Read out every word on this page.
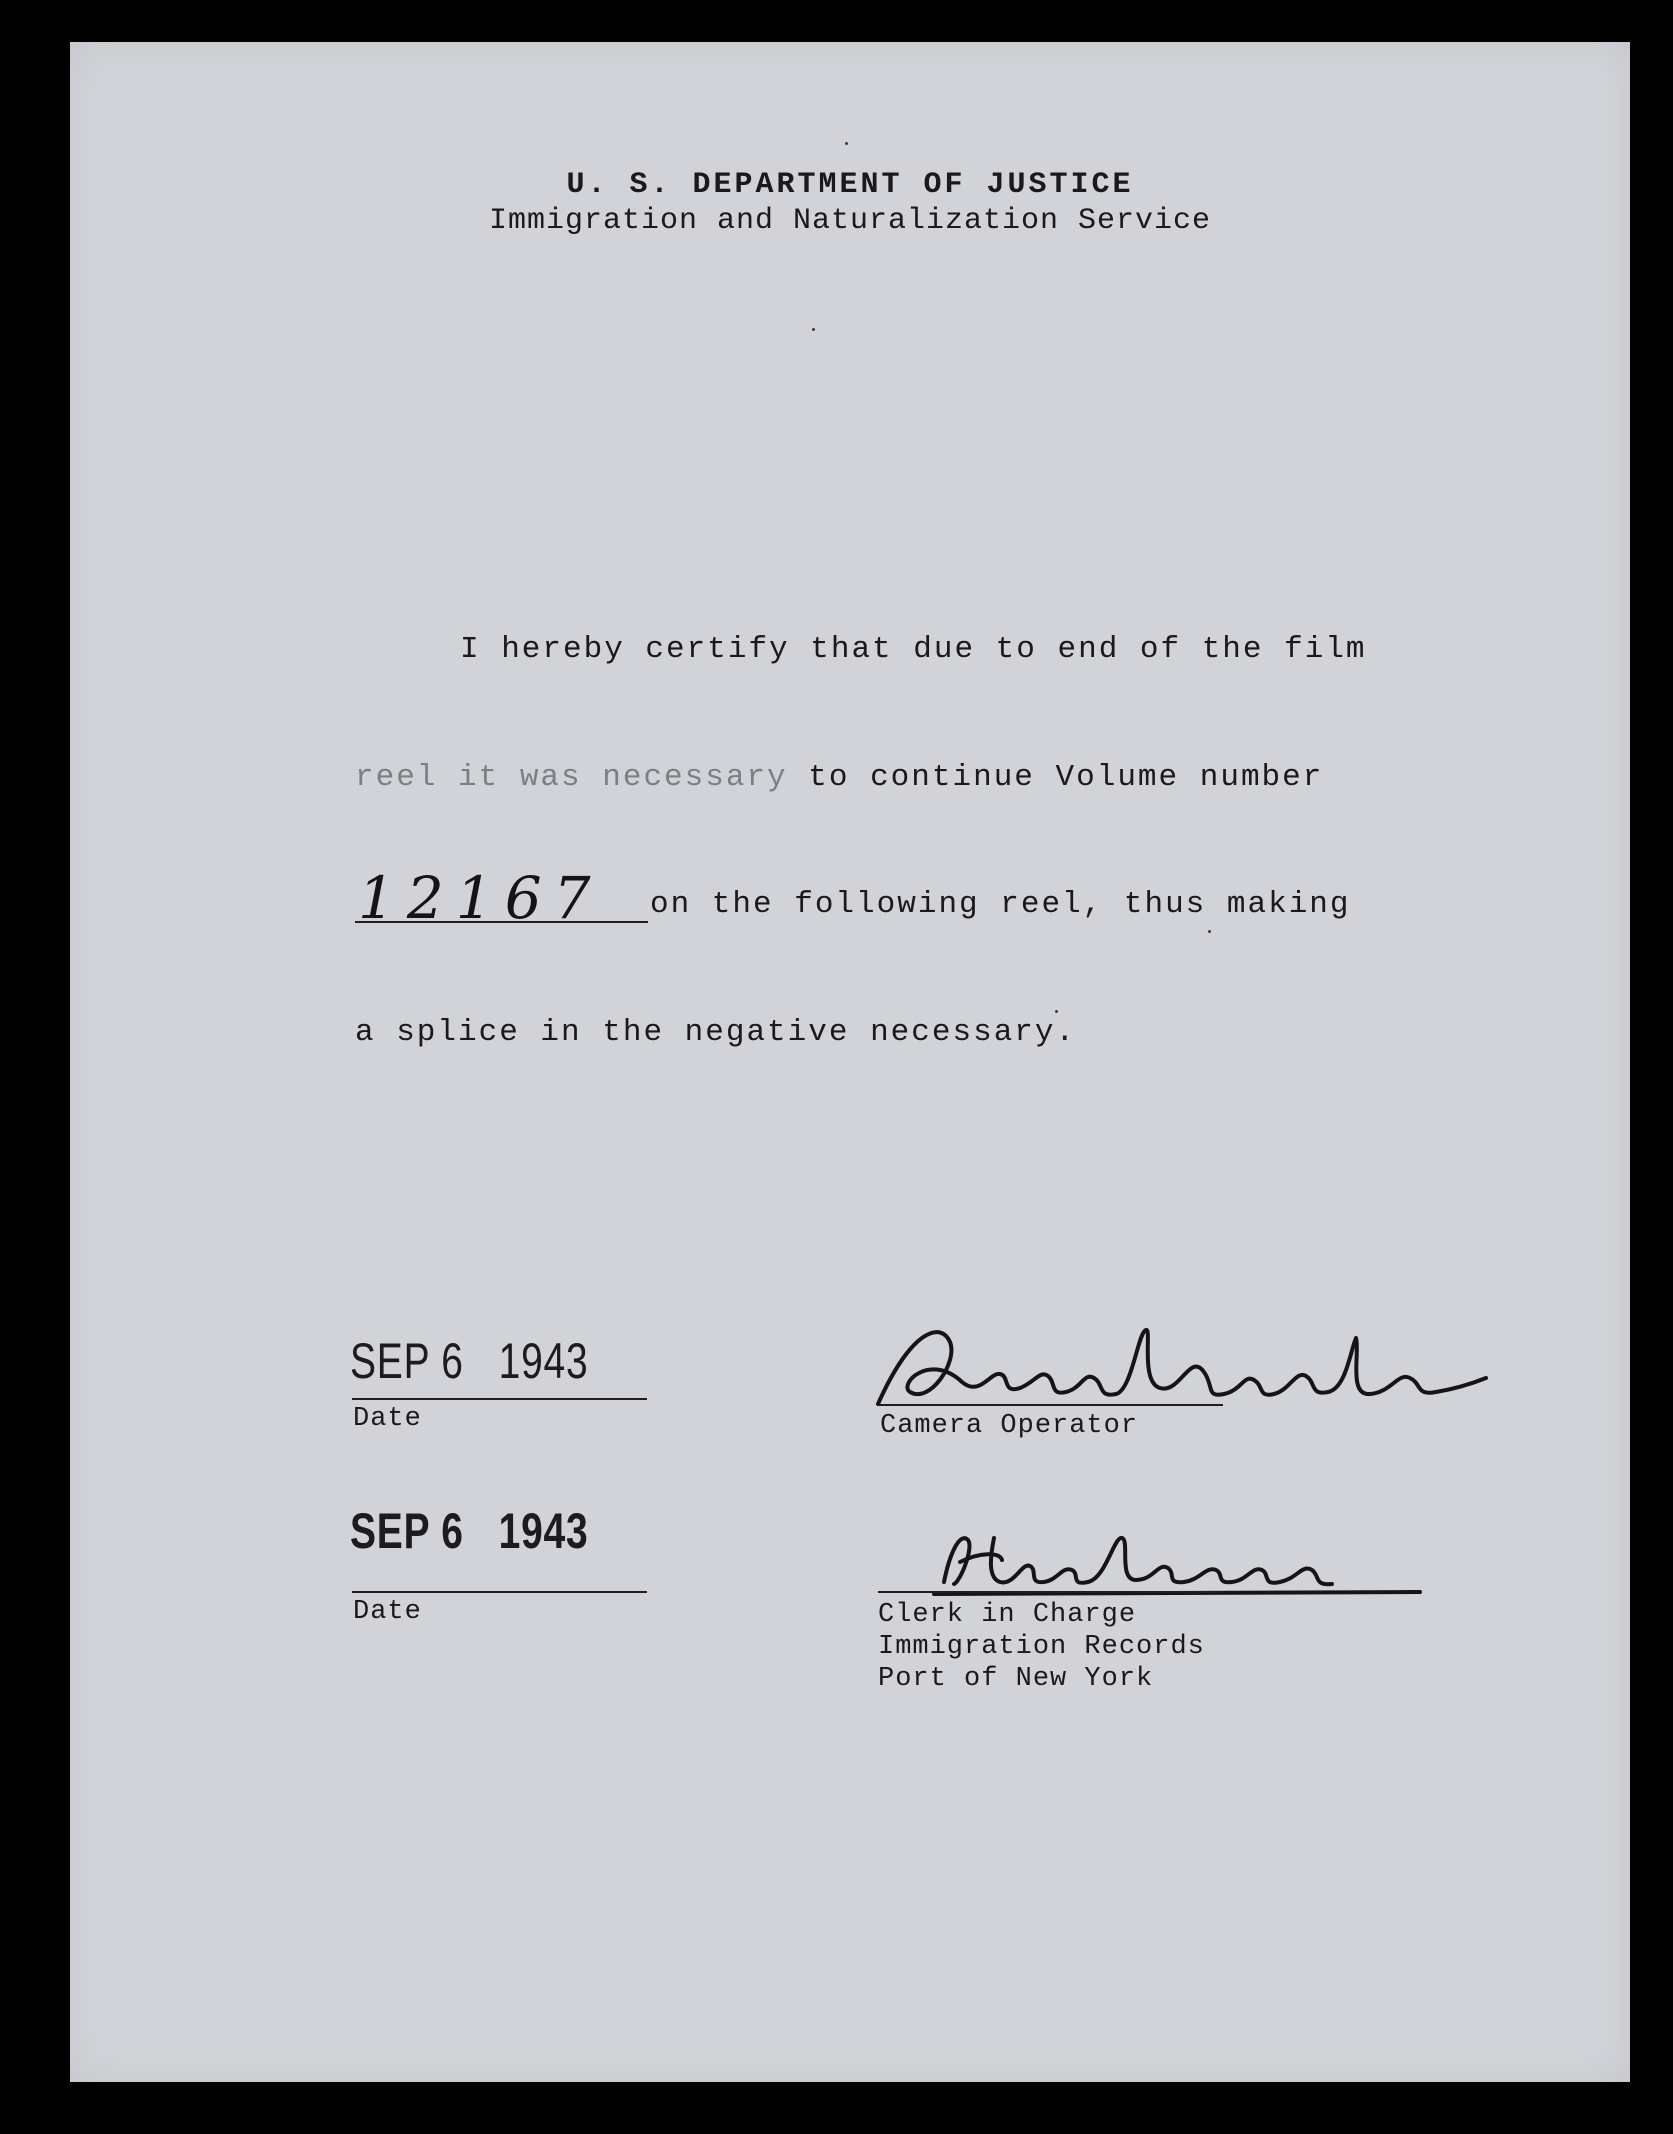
U. S. DEPARTMENT OF JUSTICE
Immigration and Naturalization Service
I hereby certify that due to end of the film
reel it was necessary to continue Volume number
12167 on the following reel, thus making
a splice in the negative necessary.
SEP 6   1943
Date
SEP 6   1943
Date
Camera Operator
Clerk in Charge
Immigration Records
Port of New York
